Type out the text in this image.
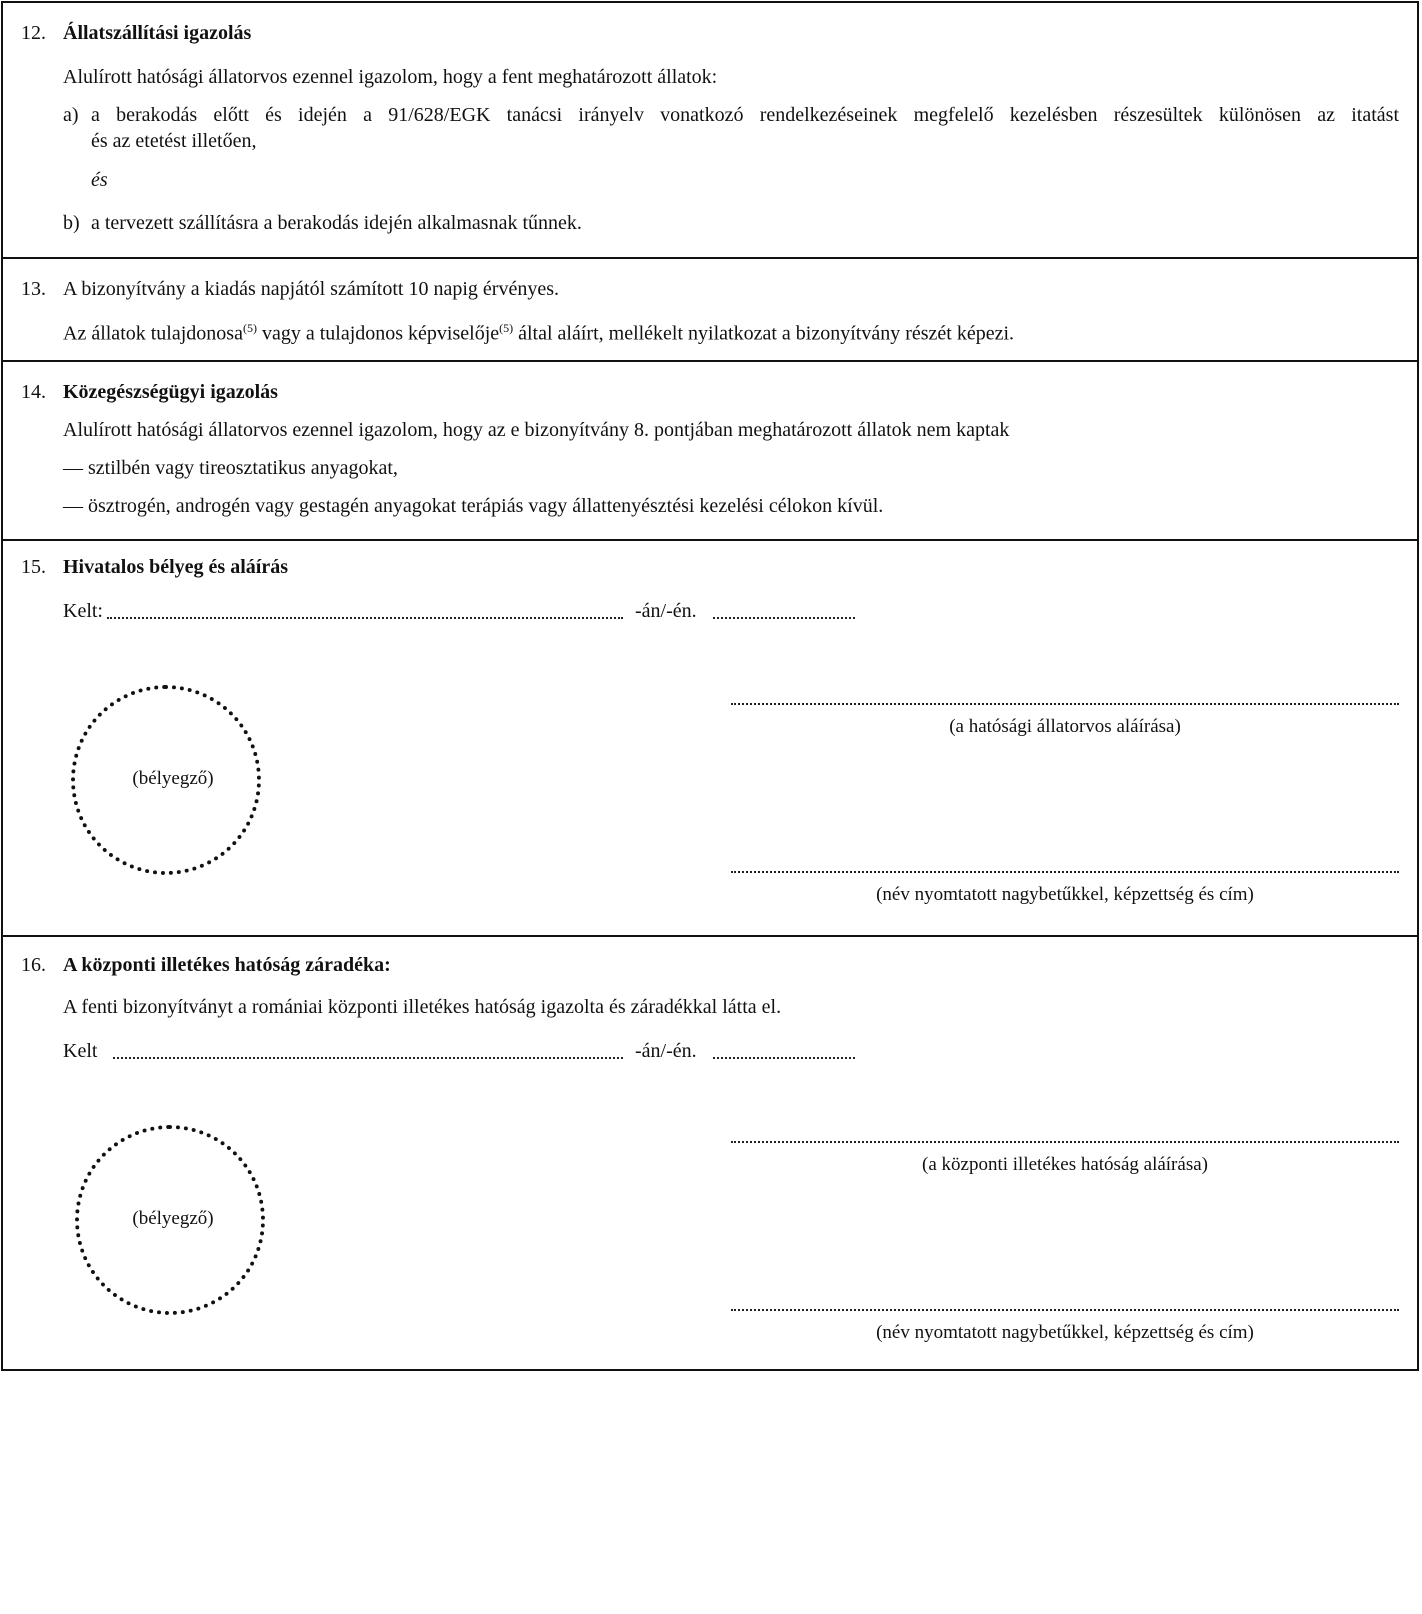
12. Állatszállítási igazolás
Alulírott hatósági állatorvos ezennel igazolom, hogy a fent meghatározott állatok:
a) a berakodás előtt és idején a 91/628/EGK tanácsi irányelv vonatkozó rendelkezéseinek megfelelő kezelésben részesültek különösen az itatást
és az etetést illetően,
és
b) a tervezett szállításra a berakodás idején alkalmasnak tűnnek.
13. A bizonyítvány a kiadás napjától számított 10 napig érvényes.
Az állatok tulajdonosa$^{(5)}$ vagy a tulajdonos képviselője$^{(5)}$ által aláírt, mellékelt nyilatkozat a bizonyítvány részét képezi.
14. Közegészségügyi igazolás
Alulírott hatósági állatorvos ezennel igazolom, hogy az e bizonyítvány 8. pontjában meghatározott állatok nem kaptak
— sztilbén vagy tireosztatikus anyagokat,
— ösztrogén, androgén vagy gestagén anyagokat terápiás vagy állattenyésztési kezelési célokon kívül.
15. Hivatalos bélyeg és aláírás
Kelt:	-án/-én.
(bélyegző)
(a hatósági állatorvos aláírása)
(név nyomtatott nagybetűkkel, képzettség és cím)
16. A központi illetékes hatóság záradéka:
A fenti bizonyítványt a romániai központi illetékes hatóság igazolta és záradékkal látta el.
Kelt	-án/-én.
(bélyegző)
(a központi illetékes hatóság aláírása)
(név nyomtatott nagybetűkkel, képzettség és cím)
